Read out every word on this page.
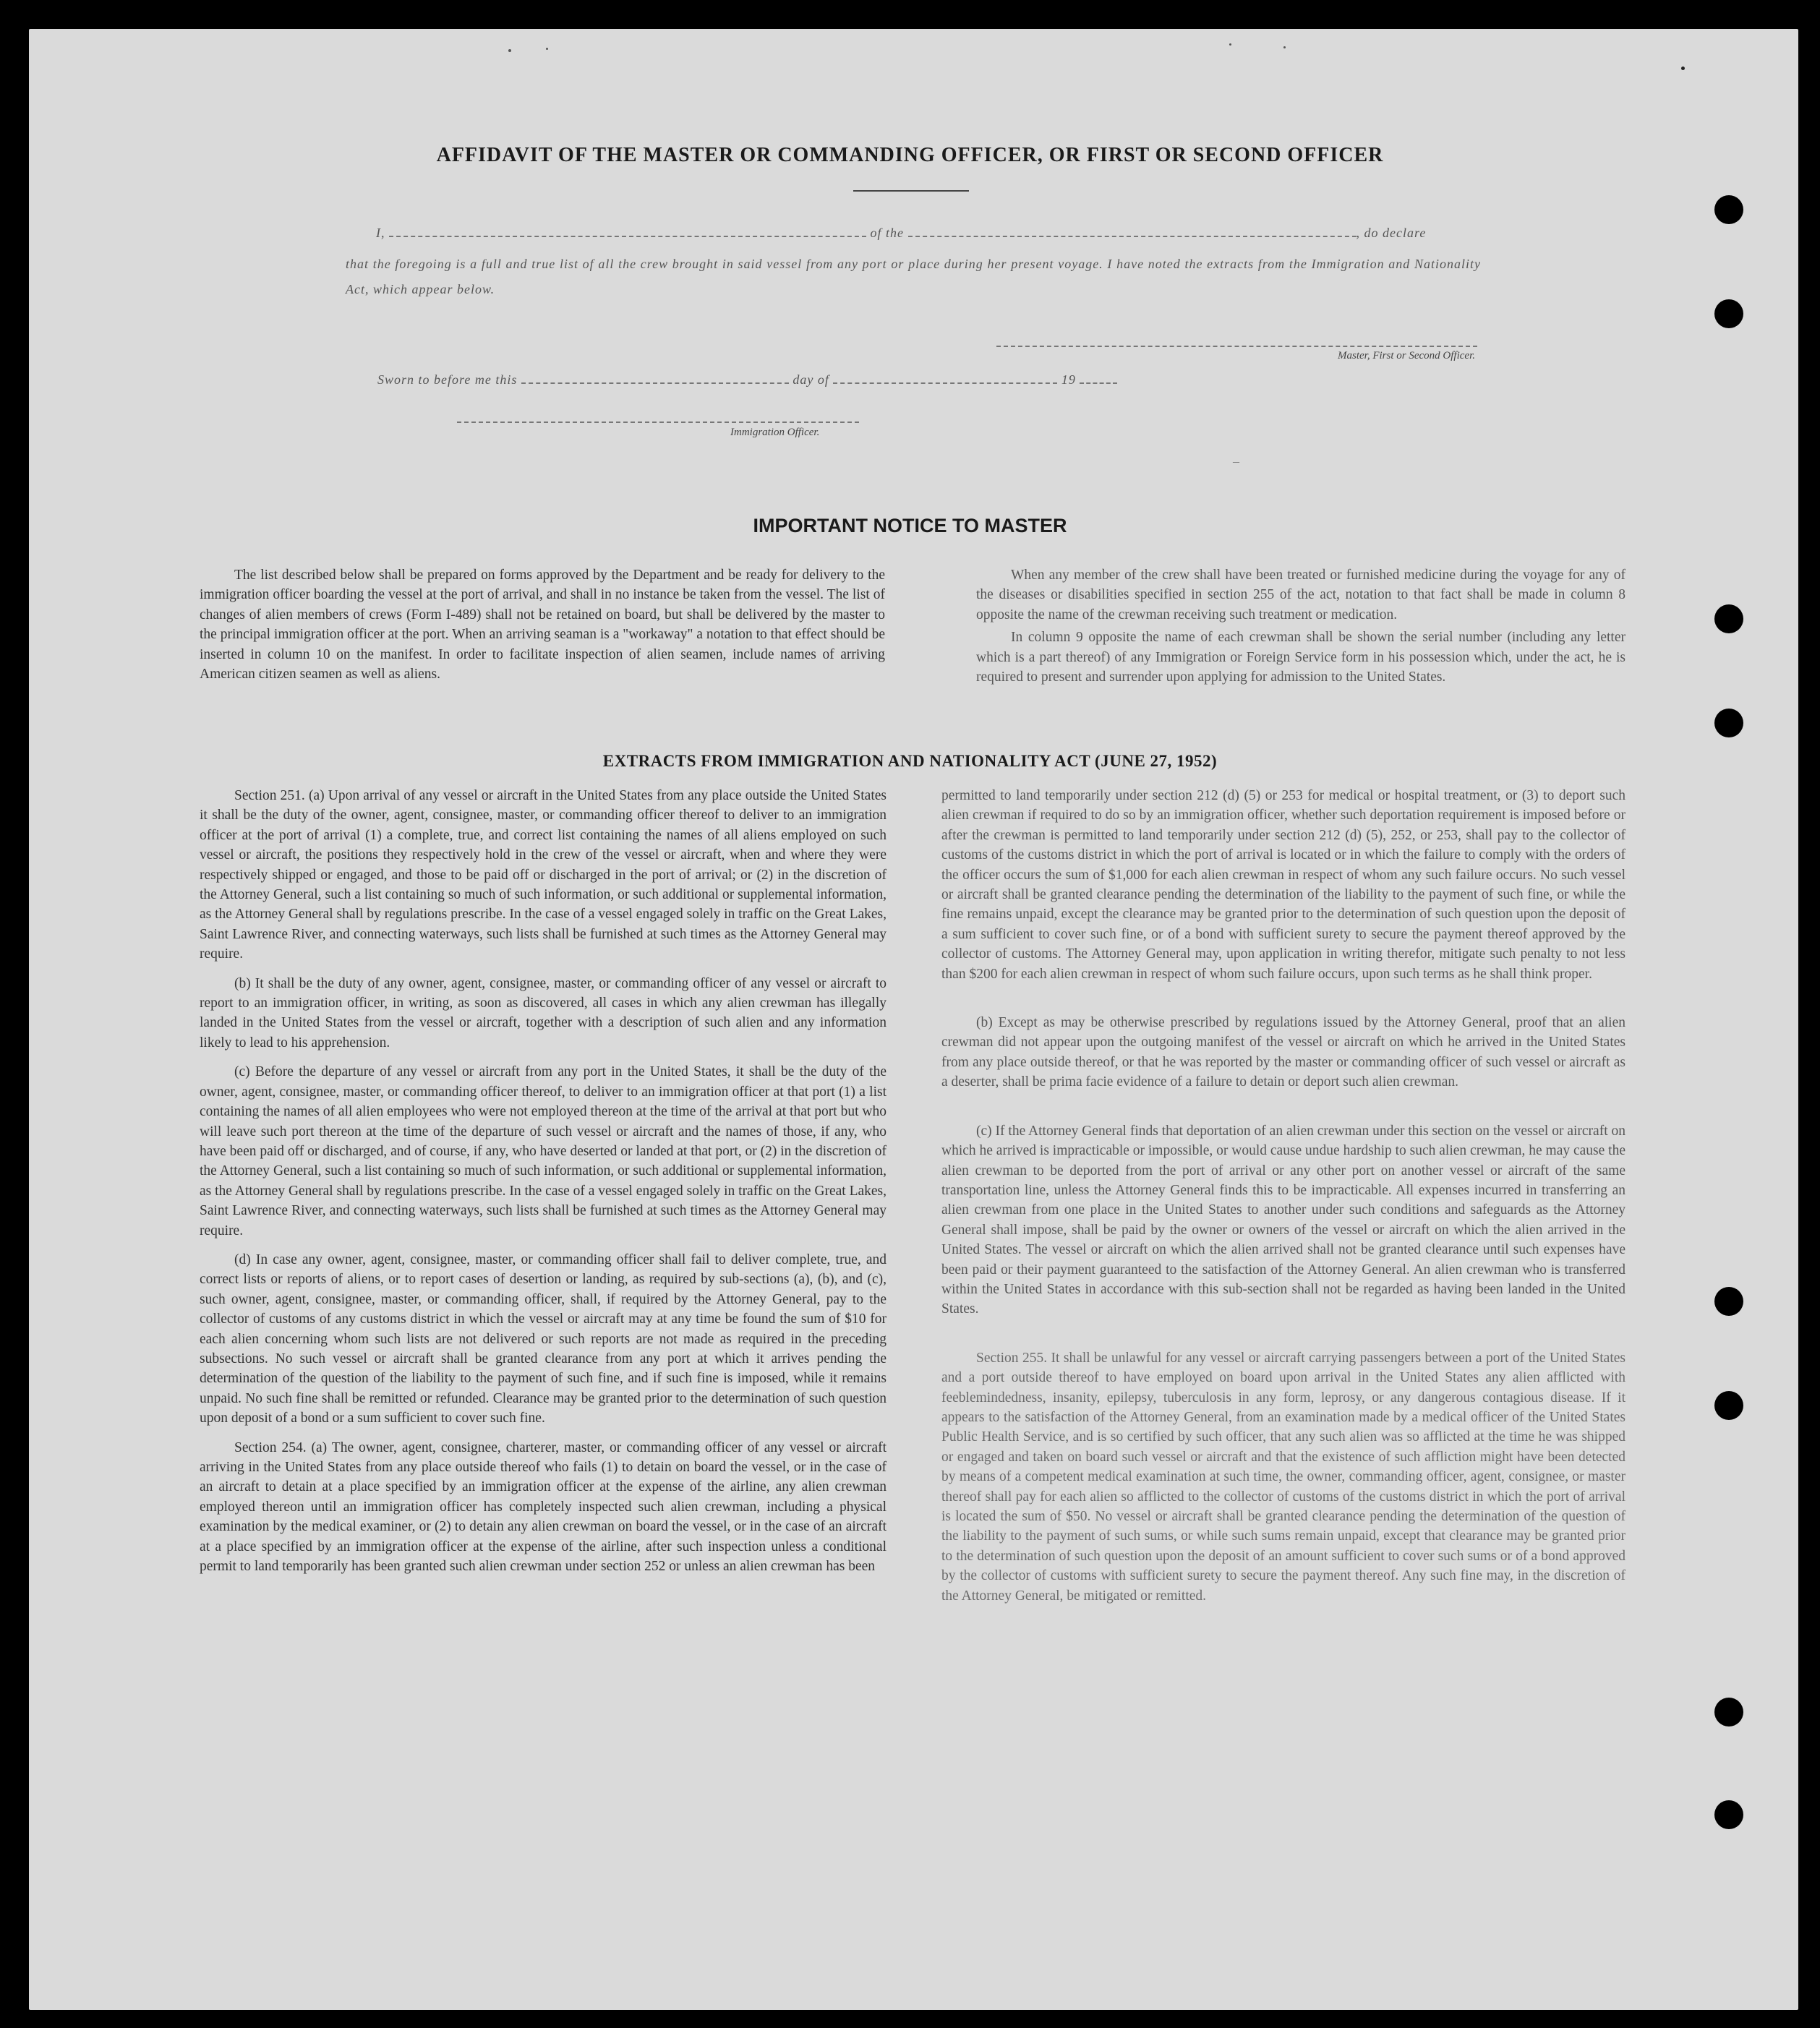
AFFIDAVIT OF THE MASTER OR COMMANDING OFFICER, OR FIRST OR SECOND OFFICER
I,	of the	, do declare
that the foregoing is a full and true list of all the crew brought in said vessel from any port or place during her present voyage. I have noted the extracts from the Immigration and Nationality Act, which appear below.
Master, First or Second Officer.
Sworn to before me this	day of	19
Immigration Officer.
–
IMPORTANT NOTICE TO MASTER

The list described below shall be prepared on forms approved by the Department and be ready for delivery to the immigration officer boarding the vessel at the port of arrival, and shall in no instance be taken from the vessel. The list of changes of alien members of crews (Form I-489) shall not be retained on board, but shall be delivered by the master to the principal immigration officer at the port. When an arriving seaman is a "workaway" a notation to that effect should be inserted in column 10 on the manifest. In order to facilitate inspection of alien seamen, include names of arriving American citizen seamen as well as aliens.

When any member of the crew shall have been treated or furnished medicine during the voyage for any of the diseases or disabilities specified in section 255 of the act, notation to that fact shall be made in column 8 opposite the name of the crewman receiving such treatment or medication.

In column 9 opposite the name of each crewman shall be shown the serial number (including any letter which is a part thereof) of any Immigration or Foreign Service form in his possession which, under the act, he is required to present and surrender upon applying for admission to the United States.

EXTRACTS FROM IMMIGRATION AND NATIONALITY ACT (JUNE 27, 1952)

Section 251. (a) Upon arrival of any vessel or aircraft in the United States from any place outside the United States it shall be the duty of the owner, agent, consignee, master, or commanding officer thereof to deliver to an immigration officer at the port of arrival (1) a complete, true, and correct list containing the names of all aliens employed on such vessel or aircraft, the positions they respectively hold in the crew of the vessel or aircraft, when and where they were respectively shipped or engaged, and those to be paid off or discharged in the port of arrival; or (2) in the discretion of the Attorney General, such a list containing so much of such information, or such additional or supplemental information, as the Attorney General shall by regulations prescribe. In the case of a vessel engaged solely in traffic on the Great Lakes, Saint Lawrence River, and connecting waterways, such lists shall be furnished at such times as the Attorney General may require.

(b) It shall be the duty of any owner, agent, consignee, master, or commanding officer of any vessel or aircraft to report to an immigration officer, in writing, as soon as discovered, all cases in which any alien crewman has illegally landed in the United States from the vessel or aircraft, together with a description of such alien and any information likely to lead to his apprehension.

(c) Before the departure of any vessel or aircraft from any port in the United States, it shall be the duty of the owner, agent, consignee, master, or commanding officer thereof, to deliver to an immigration officer at that port (1) a list containing the names of all alien employees who were not employed thereon at the time of the arrival at that port but who will leave such port thereon at the time of the departure of such vessel or aircraft and the names of those, if any, who have been paid off or discharged, and of course, if any, who have deserted or landed at that port, or (2) in the discretion of the Attorney General, such a list containing so much of such information, or such additional or supplemental information, as the Attorney General shall by regulations prescribe. In the case of a vessel engaged solely in traffic on the Great Lakes, Saint Lawrence River, and connecting waterways, such lists shall be furnished at such times as the Attorney General may require.

(d) In case any owner, agent, consignee, master, or commanding officer shall fail to deliver complete, true, and correct lists or reports of aliens, or to report cases of desertion or landing, as required by sub-sections (a), (b), and (c), such owner, agent, consignee, master, or commanding officer, shall, if required by the Attorney General, pay to the collector of customs of any customs district in which the vessel or aircraft may at any time be found the sum of $10 for each alien concerning whom such lists are not delivered or such reports are not made as required in the preceding subsections. No such vessel or aircraft shall be granted clearance from any port at which it arrives pending the determination of the question of the liability to the payment of such fine, and if such fine is imposed, while it remains unpaid. No such fine shall be remitted or refunded. Clearance may be granted prior to the determination of such question upon deposit of a bond or a sum sufficient to cover such fine.

Section 254. (a) The owner, agent, consignee, charterer, master, or commanding officer of any vessel or aircraft arriving in the United States from any place outside thereof who fails (1) to detain on board the vessel, or in the case of an aircraft to detain at a place specified by an immigration officer at the expense of the airline, any alien crewman employed thereon until an immigration officer has completely inspected such alien crewman, including a physical examination by the medical examiner, or (2) to detain any alien crewman on board the vessel, or in the case of an aircraft at a place specified by an immigration officer at the expense of the airline, after such inspection unless a conditional permit to land temporarily has been granted such alien crewman under section 252 or unless an alien crewman has been

permitted to land temporarily under section 212 (d) (5) or 253 for medical or hospital treatment, or (3) to deport such alien crewman if required to do so by an immigration officer, whether such deportation requirement is imposed before or after the crewman is permitted to land temporarily under section 212 (d) (5), 252, or 253, shall pay to the collector of customs of the customs district in which the port of arrival is located or in which the failure to comply with the orders of the officer occurs the sum of $1,000 for each alien crewman in respect of whom any such failure occurs. No such vessel or aircraft shall be granted clearance pending the determination of the liability to the payment of such fine, or while the fine remains unpaid, except the clearance may be granted prior to the determination of such question upon the deposit of a sum sufficient to cover such fine, or of a bond with sufficient surety to secure the payment thereof approved by the collector of customs. The Attorney General may, upon application in writing therefor, mitigate such penalty to not less than $200 for each alien crewman in respect of whom such failure occurs, upon such terms as he shall think proper.

(b) Except as may be otherwise prescribed by regulations issued by the Attorney General, proof that an alien crewman did not appear upon the outgoing manifest of the vessel or aircraft on which he arrived in the United States from any place outside thereof, or that he was reported by the master or commanding officer of such vessel or aircraft as a deserter, shall be prima facie evidence of a failure to detain or deport such alien crewman.

(c) If the Attorney General finds that deportation of an alien crewman under this section on the vessel or aircraft on which he arrived is impracticable or impossible, or would cause undue hardship to such alien crewman, he may cause the alien crewman to be deported from the port of arrival or any other port on another vessel or aircraft of the same transportation line, unless the Attorney General finds this to be impracticable. All expenses incurred in transferring an alien crewman from one place in the United States to another under such conditions and safeguards as the Attorney General shall impose, shall be paid by the owner or owners of the vessel or aircraft on which the alien arrived in the United States. The vessel or aircraft on which the alien arrived shall not be granted clearance until such expenses have been paid or their payment guaranteed to the satisfaction of the Attorney General. An alien crewman who is transferred within the United States in accordance with this sub-section shall not be regarded as having been landed in the United States.

Section 255. It shall be unlawful for any vessel or aircraft carrying passengers between a port of the United States and a port outside thereof to have employed on board upon arrival in the United States any alien afflicted with feeblemindedness, insanity, epilepsy, tuberculosis in any form, leprosy, or any dangerous contagious disease. If it appears to the satisfaction of the Attorney General, from an examination made by a medical officer of the United States Public Health Service, and is so certified by such officer, that any such alien was so afflicted at the time he was shipped or engaged and taken on board such vessel or aircraft and that the existence of such affliction might have been detected by means of a competent medical examination at such time, the owner, commanding officer, agent, consignee, or master thereof shall pay for each alien so afflicted to the collector of customs of the customs district in which the port of arrival is located the sum of $50. No vessel or aircraft shall be granted clearance pending the determination of the question of the liability to the payment of such sums, or while such sums remain unpaid, except that clearance may be granted prior to the determination of such question upon the deposit of an amount sufficient to cover such sums or of a bond approved by the collector of customs with sufficient surety to secure the payment thereof. Any such fine may, in the discretion of the Attorney General, be mitigated or remitted.
